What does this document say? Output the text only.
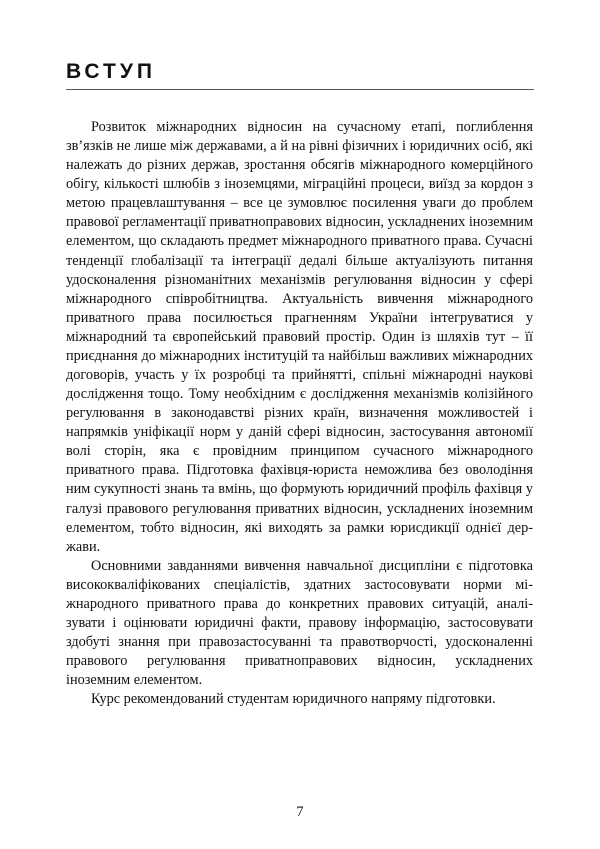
ВСТУП

Розвиток міжнародних відносин на сучасному етапі, поглиблення зв’язків не лише між державами, а й на рівні фізичних і юридичних осіб, які належать до різних держав, зростання обсягів міжнародного комерційного обігу, кількості шлюбів з іноземцями, міграційні процеси, виїзд за кордон з метою працевлаштування – все це зумовлює посилення уваги до проблем правової регламентації приватноправових відносин, ускладнених іноземним елементом, що складають предмет міжнародного приватного права. Сучасні тенденції глобалізації та інтеграції дедалі більше актуалізують питання удосконалення різноманітних механізмів регулювання відносин у сфері міжнародного співробітництва. Актуальність вивчення міжнародного приватного права посилюється прагненням України інтегруватися у міжнародний та європейський правовий простір. Один із шляхів тут – її приєднання до міжнародних інституцій та найбільш важливих міжнародних договорів, участь у їх розробці та прийнятті, спільні міжнародні наукові дослідження тощо. Тому необхідним є дослідження механізмів колізійного регулювання в законодавстві різних країн, визначення можливостей і напрямків уніфікації норм у даній сфері відносин, застосування автономії волі сторін, яка є провідним принципом сучасного міжнародного приватного права. Підготовка фахівця-юриста неможлива без оволодіння ним сукупності знань та вмінь, що формують юридичний профіль фахівця у галузі правового регулювання приватних відносин, ускладнених іноземним елементом, тобто відносин, які виходять за рамки юрисдикції однієї держави.

Основними завданнями вивчення навчальної дисципліни є підготовка висококваліфікованих спеціалістів, здатних застосовувати норми міжнародного приватного права до конкретних правових ситуацій, аналізувати і оцінювати юридичні факти, правову інформацію, застосовувати здобуті знання при правозастосуванні та правотворчості, удосконаленні правового регулювання приватноправових відносин, ускладнених іноземним елементом.

Курс рекомендований студентам юридичного напряму підготовки.

7
